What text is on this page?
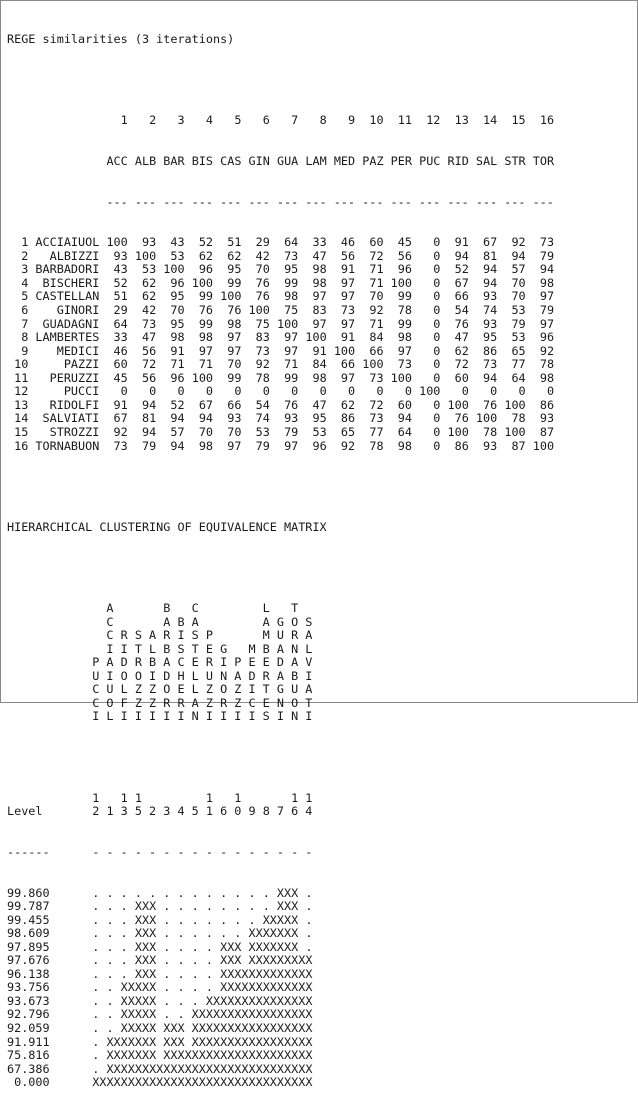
REGE similarities (3 iterations)

1   2   3   4   5   6   7   8   9  10  11  12  13  14  15  16

ACC ALB BAR BIS CAS GIN GUA LAM MED PAZ PER PUC RID SAL STR TOR

--- --- --- --- --- --- --- --- --- --- --- --- --- --- --- ---

1 ACCIAIUOL 100  93  43  52  51  29  64  33  46  60  45   0  91  67  92  73
2   ALBIZZI  93 100  53  62  62  42  73  47  56  72  56   0  94  81  94  79
3 BARBADORI  43  53 100  96  95  70  95  98  91  71  96   0  52  94  57  94
4  BISCHERI  52  62  96 100  99  76  99  98  97  71 100   0  67  94  70  98
5 CASTELLAN  51  62  95  99 100  76  98  97  97  70  99   0  66  93  70  97
6    GINORI  29  42  70  76  76 100  75  83  73  92  78   0  54  74  53  79
7  GUADAGNI  64  73  95  99  98  75 100  97  97  71  99   0  76  93  79  97
8 LAMBERTES  33  47  98  98  97  83  97 100  91  84  98   0  47  95  53  96
9    MEDICI  46  56  91  97  97  73  97  91 100  66  97   0  62  86  65  92
10     PAZZI  60  72  71  71  70  92  71  84  66 100  73   0  72  73  77  78
11   PERUZZI  45  56  96 100  99  78  99  98  97  73 100   0  60  94  64  98
12     PUCCI   0   0   0   0   0   0   0   0   0   0   0 100   0   0   0   0
13   RIDOLFI  91  94  52  67  66  54  76  47  62  72  60   0 100  76 100  86
14  SALVIATI  67  81  94  94  93  74  93  95  86  73  94   0  76 100  78  93
15   STROZZI  92  94  57  70  70  53  79  53  65  77  64   0 100  78 100  87
16 TORNABUON  73  79  94  98  97  79  97  96  92  78  98   0  86  93  87 100

HIERARCHICAL CLUSTERING OF EQUIVALENCE MATRIX

A       B   C         L   T
C       A B A         A G O S
C R S A R I S P       M U R A
I I T L B S T E G   M B A N L
P A D R B A C E R I P E E D A V
U I O O I D H L U N A D R A B I
C U L Z Z O E L Z O Z I T G U A
C O F Z Z R R A Z R Z C E N O T
I L I I I I I N I I I I S I N I

1   1 1         1   1       1 1
Level       2 1 3 5 2 3 4 5 1 6 0 9 8 7 6 4

------      - - - - - - - - - - - - - - - -

99.860	. . . . . . . . . . . . . XXX .
99.787	. . . XXX . . . . . . . . XXX .
99.455	. . . XXX . . . . . . . XXXXX .
98.609	. . . XXX . . . . . . XXXXXXX .
97.895	. . . XXX . . . . XXX XXXXXXX .
97.676	. . . XXX . . . . XXX XXXXXXXXX
96.138	. . . XXX . . . . XXXXXXXXXXXXX
93.756	. . XXXXX . . . . XXXXXXXXXXXXX
93.673	. . XXXXX . . . XXXXXXXXXXXXXXX
92.796	. . XXXXX . . XXXXXXXXXXXXXXXXX
92.059	. . XXXXX XXX XXXXXXXXXXXXXXXXX
91.911	. XXXXXXX XXX XXXXXXXXXXXXXXXXX
75.816	. XXXXXXX XXXXXXXXXXXXXXXXXXXXX
67.386	. XXXXXXXXXXXXXXXXXXXXXXXXXXXXX
0.000	XXXXXXXXXXXXXXXXXXXXXXXXXXXXXXX
